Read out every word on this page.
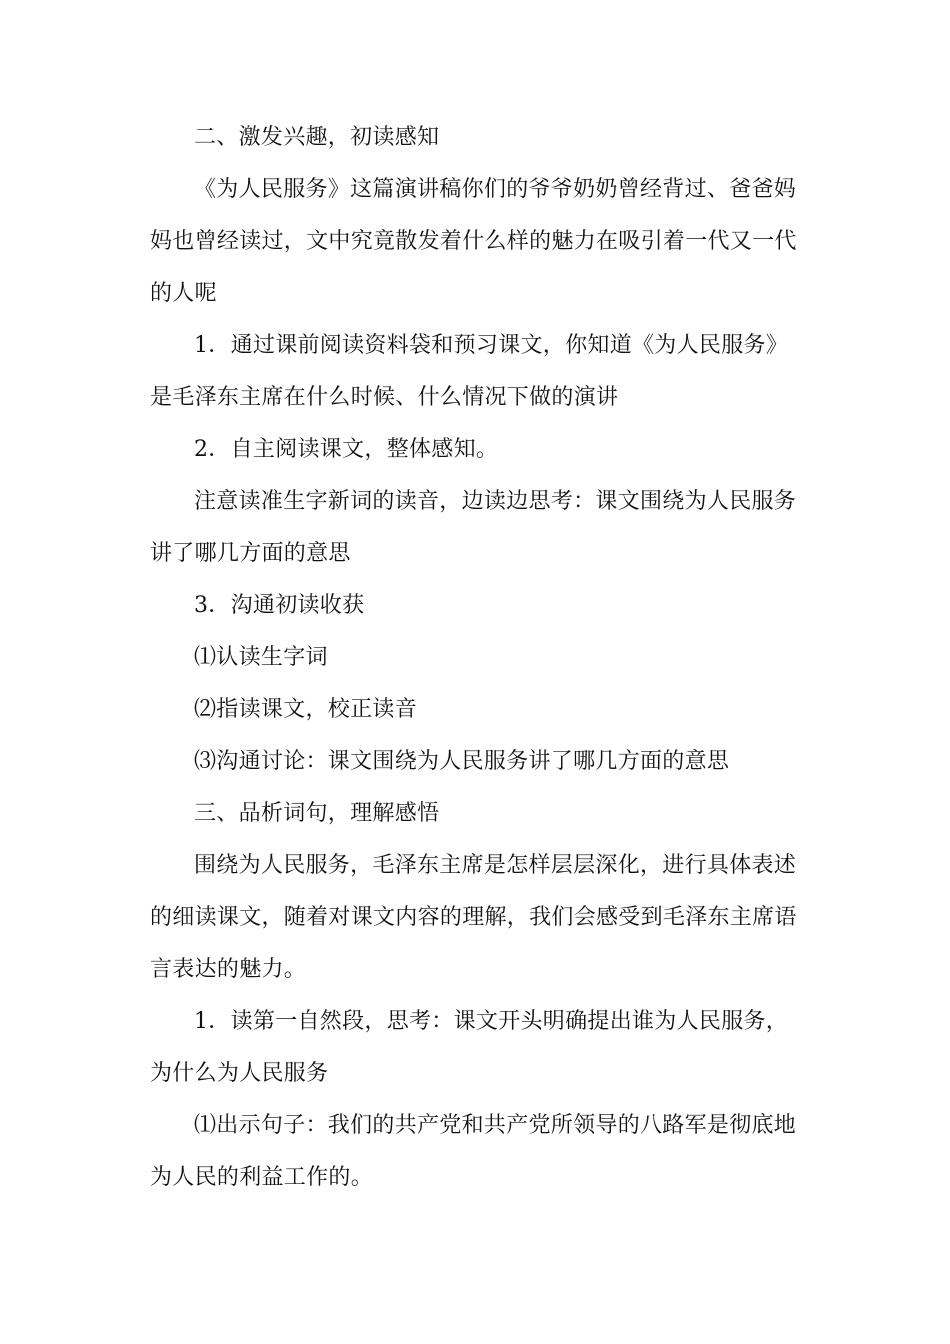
二、激发兴趣，初读感知

《为人民服务》这篇演讲稿你们的爷爷奶奶曾经背过、爸爸妈妈也曾经读过，文中究竟散发着什么样的魅力在吸引着一代又一代的人呢

1．通过课前阅读资料袋和预习课文，你知道《为人民服务》是毛泽东主席在什么时候、什么情况下做的演讲

2．自主阅读课文，整体感知。

注意读准生字新词的读音，边读边思考：课文围绕为人民服务讲了哪几方面的意思

3．沟通初读收获

⑴认读生字词

⑵指读课文，校正读音

⑶沟通讨论：课文围绕为人民服务讲了哪几方面的意思

三、品析词句，理解感悟

围绕为人民服务，毛泽东主席是怎样层层深化，进行具体表述的细读课文，随着对课文内容的理解，我们会感受到毛泽东主席语言表达的魅力。

1．读第一自然段，思考：课文开头明确提出谁为人民服务，为什么为人民服务

⑴出示句子：我们的共产党和共产党所领导的八路军是彻底地为人民的利益工作的。
